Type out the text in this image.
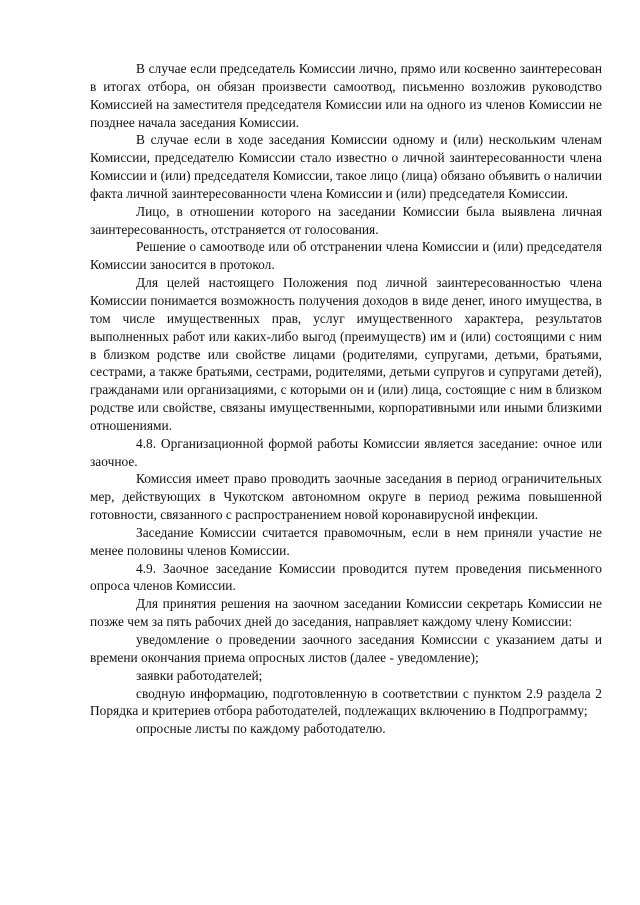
В случае если председатель Комиссии лично, прямо или косвенно заинтересован в итогах отбора, он обязан произвести самоотвод, письменно возложив руководство Комиссией на заместителя председателя Комиссии или на одного из членов Комиссии не позднее начала заседания Комиссии.

В случае если в ходе заседания Комиссии одному и (или) нескольким членам Комиссии, председателю Комиссии стало известно о личной заинтересованности члена Комиссии и (или) председателя Комиссии, такое лицо (лица) обязано объявить о наличии факта личной заинтересованности члена Комиссии и (или) председателя Комиссии.

Лицо, в отношении которого на заседании Комиссии была выявлена личная заинтересованность, отстраняется от голосования.

Решение о самоотводе или об отстранении члена Комиссии и (или) председателя Комиссии заносится в протокол.

Для целей настоящего Положения под личной заинтересованностью члена Комиссии понимается возможность получения доходов в виде денег, иного имущества, в том числе имущественных прав, услуг имущественного характера, результатов выполненных работ или каких-либо выгод (преимуществ) им и (или) состоящими с ним в близком родстве или свойстве лицами (родителями, супругами, детьми, братьями, сестрами, а также братьями, сестрами, родителями, детьми супругов и супругами детей), гражданами или организациями, с которыми он и (или) лица, состоящие с ним в близком родстве или свойстве, связаны имущественными, корпоративными или иными близкими отношениями.

4.8. Организационной формой работы Комиссии является заседание: очное или заочное.

Комиссия имеет право проводить заочные заседания в период ограничительных мер, действующих в Чукотском автономном округе в период режима повышенной готовности, связанного с распространением новой коронавирусной инфекции.

Заседание Комиссии считается правомочным, если в нем приняли участие не менее половины членов Комиссии.

4.9. Заочное заседание Комиссии проводится путем проведения письменного опроса членов Комиссии.

Для принятия решения на заочном заседании Комиссии секретарь Комиссии не позже чем за пять рабочих дней до заседания, направляет каждому члену Комиссии:

уведомление о проведении заочного заседания Комиссии с указанием даты и времени окончания приема опросных листов (далее - уведомление);

заявки работодателей;

сводную информацию, подготовленную в соответствии с пунктом 2.9 раздела 2 Порядка и критериев отбора работодателей, подлежащих включению в Подпрограмму;

опросные листы по каждому работодателю.
